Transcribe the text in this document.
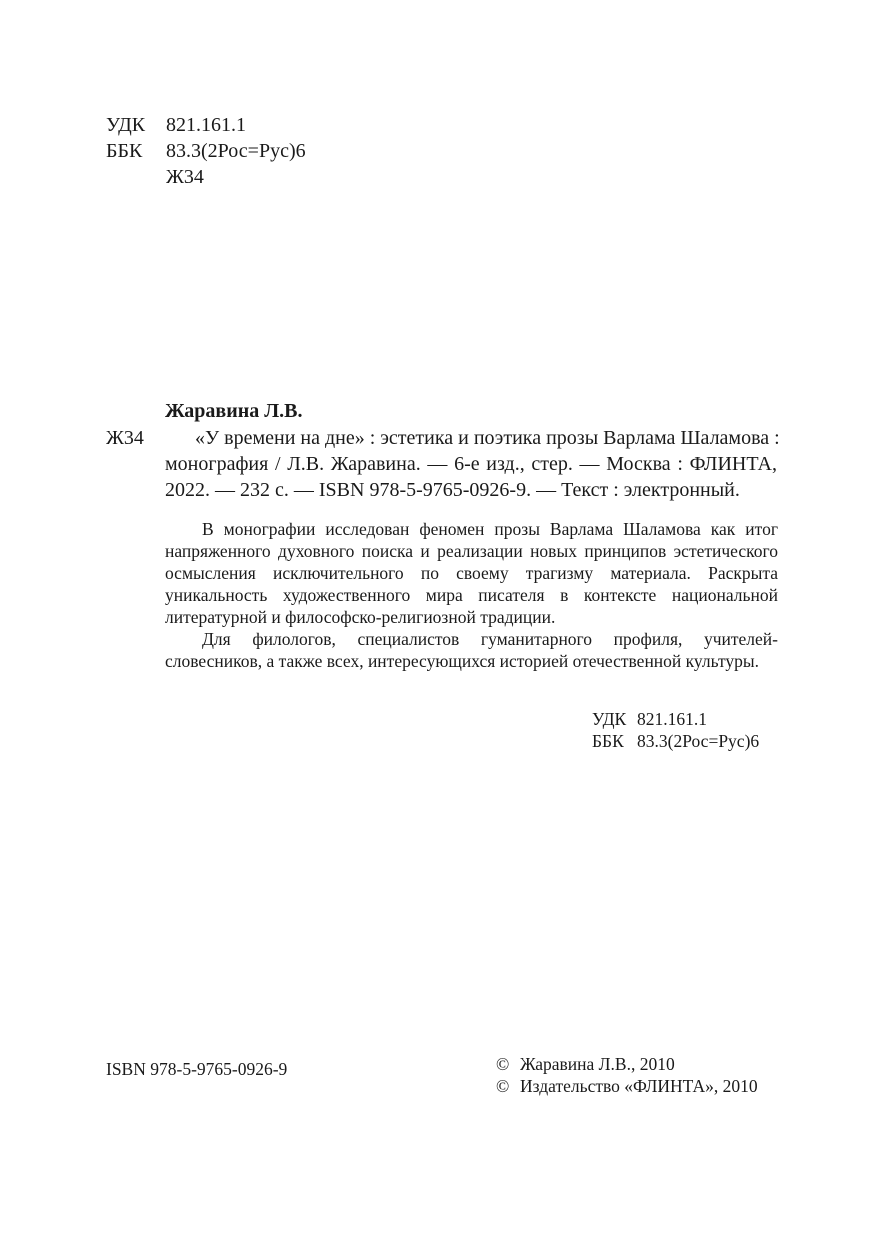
УДК	821.161.1
ББК	83.3(2Рос=Рус)6
Ж34
Жаравина Л.В.
Ж34	«У времени на дне» : эстетика и поэтика прозы Варлама Шаламова :
монография / Л.В. Жаравина. — 6-е изд., стер. — Москва : ФЛИНТА,
2022. — 232 с. — ISBN 978-5-9765-0926-9. — Текст : электронный.
В монографии исследован феномен прозы Варлама Шаламова как итог
напряженного духовного поиска и реализации новых принципов эстетического
осмысления исключительного по своему трагизму материала. Раскрыта
уникальность художественного мира писателя в контексте национальной
литературной и философско-религиозной традиции.
Для филологов, специалистов гуманитарного профиля, учителей-
словесников, а также всех, интересующихся историей отечественной культуры.
УДК 821.161.1
ББК 83.3(2Рос=Рус)6
ISBN 978-5-9765-0926-9	© Жаравина Л.В., 2010
© Издательство «ФЛИНТА», 2010
